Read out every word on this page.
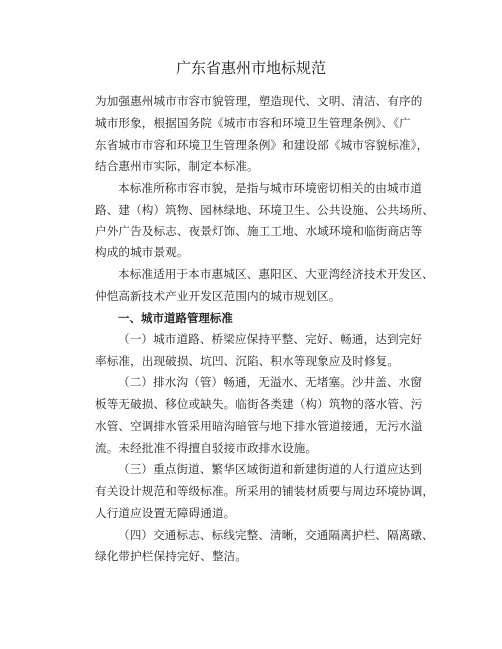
广东省惠州市地标规范
为加强惠州城市市容市貌管理，塑造现代、文明、清洁、有序的
城市形象，根据国务院《城市市容和环境卫生管理条例》、《广
东省城市市容和环境卫生管理条例》和建设部《城市容貌标准》，
结合惠州市实际，制定本标准。
本标准所称市容市貌，是指与城市环境密切相关的由城市道
路、建（构）筑物、园林绿地、环境卫生、公共设施、公共场所、
户外广告及标志、夜景灯饰、施工工地、水域环境和临街商店等
构成的城市景观。
本标准适用于本市惠城区、惠阳区、大亚湾经济技术开发区、
仲恺高新技术产业开发区范围内的城市规划区。
一、城市道路管理标准
（一）城市道路、桥梁应保持平整、完好、畅通，达到完好
率标准，出现破损、坑凹、沉陷、积水等现象应及时修复。
（二）排水沟（管）畅通，无溢水、无堵塞。沙井盖、水窗
板等无破损、移位或缺失。临街各类建（构）筑物的落水管、污
水管、空调排水管采用暗沟暗管与地下排水管道接通，无污水溢
流。未经批准不得擅自驳接市政排水设施。
（三）重点街道、繁华区域街道和新建街道的人行道应达到
有关设计规范和等级标准。所采用的铺装材质要与周边环境协调，
人行道应设置无障碍通道。
（四）交通标志、标线完整、清晰，交通隔离护栏、隔离礅、
绿化带护栏保持完好、整洁。
